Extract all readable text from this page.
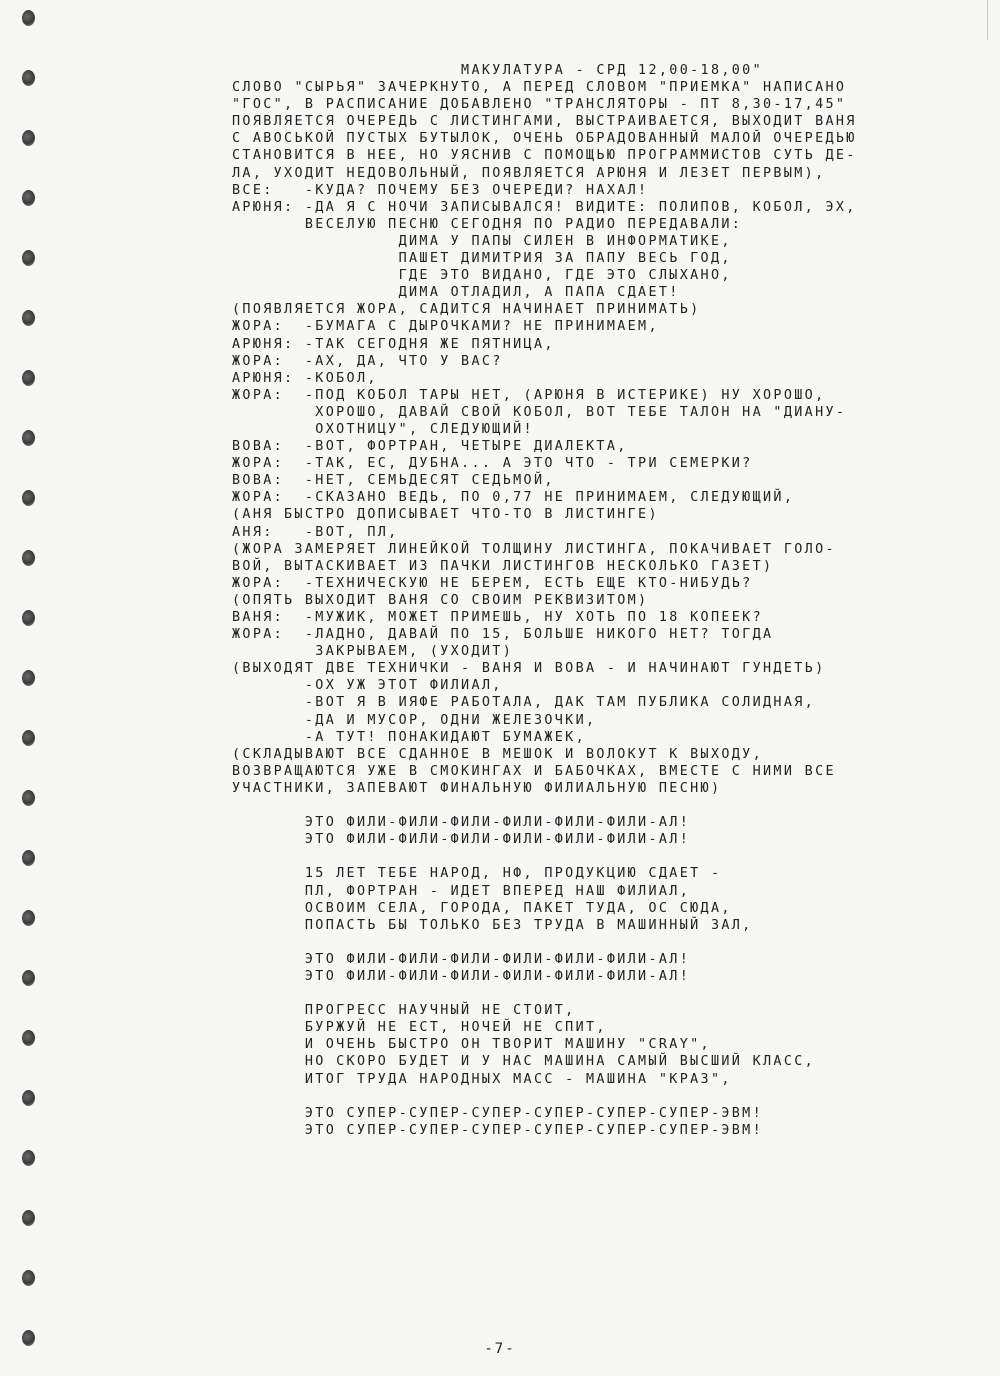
МАКУЛАТУРА - СРД 12,00-18,00"
СЛОВО "СЫРЬЯ" ЗАЧЕРКНУТО, А ПЕРЕД СЛОВОМ "ПРИЕМКА" НАПИСАНО
"ГОС", В РАСПИСАНИЕ ДОБАВЛЕНО "ТРАНСЛЯТОРЫ - ПТ 8,30-17,45"
ПОЯВЛЯЕТСЯ ОЧЕРЕДЬ С ЛИСТИНГАМИ, ВЫСТРАИВАЕТСЯ, ВЫХОДИТ ВАНЯ
С АВОСЬКОЙ ПУСТЫХ БУТЫЛОК, ОЧЕНЬ ОБРАДОВАННЫЙ МАЛОЙ ОЧЕРЕДЬЮ
СТАНОВИТСЯ В НЕЕ, НО УЯСНИВ С ПОМОЩЬЮ ПРОГРАММИСТОВ СУТЬ ДЕ-
ЛА, УХОДИТ НЕДОВОЛЬНЫЙ, ПОЯВЛЯЕТСЯ АРЮНЯ И ЛЕЗЕТ ПЕРВЫМ),
ВСЕ:   -КУДА? ПОЧЕМУ БЕЗ ОЧЕРЕДИ? НАХАЛ!
АРЮНЯ: -ДА Я С НОЧИ ЗАПИСЫВАЛСЯ! ВИДИТЕ: ПОЛИПОВ, КОБОЛ, ЭХ,
ВЕСЕЛУЮ ПЕСНЮ СЕГОДНЯ ПО РАДИО ПЕРЕДАВАЛИ:
ДИМА У ПАПЫ СИЛЕН В ИНФОРМАТИКЕ,
ПАШЕТ ДИМИТРИЯ ЗА ПАПУ ВЕСЬ ГОД,
ГДЕ ЭТО ВИДАНО, ГДЕ ЭТО СЛЫХАНО,
ДИМА ОТЛАДИЛ, А ПАПА СДАЕТ!
(ПОЯВЛЯЕТСЯ ЖОРА, САДИТСЯ НАЧИНАЕТ ПРИНИМАТЬ)
ЖОРА:  -БУМАГА С ДЫРОЧКАМИ? НЕ ПРИНИМАЕМ,
АРЮНЯ: -ТАК СЕГОДНЯ ЖЕ ПЯТНИЦА,
ЖОРА:  -АХ, ДА, ЧТО У ВАС?
АРЮНЯ: -КОБОЛ,
ЖОРА:  -ПОД КОБОЛ ТАРЫ НЕТ, (АРЮНЯ В ИСТЕРИКЕ) НУ ХОРОШО,
ХОРОШО, ДАВАЙ СВОЙ КОБОЛ, ВОТ ТЕБЕ ТАЛОН НА "ДИАНУ-
ОХОТНИЦУ", СЛЕДУЮЩИЙ!
ВОВА:  -ВОТ, ФОРТРАН, ЧЕТЫРЕ ДИАЛЕКТА,
ЖОРА:  -ТАК, ЕС, ДУБНА... А ЭТО ЧТО - ТРИ СЕМЕРКИ?
ВОВА:  -НЕТ, СЕМЬДЕСЯТ СЕДЬМОЙ,
ЖОРА:  -СКАЗАНО ВЕДЬ, ПО 0,77 НЕ ПРИНИМАЕМ, СЛЕДУЮЩИЙ,
(АНЯ БЫСТРО ДОПИСЫВАЕТ ЧТО-ТО В ЛИСТИНГЕ)
АНЯ:   -ВОТ, ПЛ,
(ЖОРА ЗАМЕРЯЕТ ЛИНЕЙКОЙ ТОЛЩИНУ ЛИСТИНГА, ПОКАЧИВАЕТ ГОЛО-
ВОЙ, ВЫТАСКИВАЕТ ИЗ ПАЧКИ ЛИСТИНГОВ НЕСКОЛЬКО ГАЗЕТ)
ЖОРА:  -ТЕХНИЧЕСКУЮ НЕ БЕРЕМ, ЕСТЬ ЕЩЕ КТО-НИБУДЬ?
(ОПЯТЬ ВЫХОДИТ ВАНЯ СО СВОИМ РЕКВИЗИТОМ)
ВАНЯ:  -МУЖИК, МОЖЕТ ПРИМЕШЬ, НУ ХОТЬ ПО 18 КОПЕЕК?
ЖОРА:  -ЛАДНО, ДАВАЙ ПО 15, БОЛЬШЕ НИКОГО НЕТ? ТОГДА
ЗАКРЫВАЕМ, (УХОДИТ)
(ВЫХОДЯТ ДВЕ ТЕХНИЧКИ - ВАНЯ И ВОВА - И НАЧИНАЮТ ГУНДЕТЬ)
-ОХ УЖ ЭТОТ ФИЛИАЛ,
-ВОТ Я В ИЯФЕ РАБОТАЛА, ДАК ТАМ ПУБЛИКА СОЛИДНАЯ,
-ДА И МУСОР, ОДНИ ЖЕЛЕЗОЧКИ,
-А ТУТ! ПОНАКИДАЮТ БУМАЖЕК,
(СКЛАДЫВАЮТ ВСЕ СДАННОЕ В МЕШОК И ВОЛОКУТ К ВЫХОДУ,
ВОЗВРАЩАЮТСЯ УЖЕ В СМОКИНГАХ И БАБОЧКАХ, ВМЕСТЕ С НИМИ ВСЕ
УЧАСТНИКИ, ЗАПЕВАЮТ ФИНАЛЬНУЮ ФИЛИАЛЬНУЮ ПЕСНЮ)
ЭТО ФИЛИ-ФИЛИ-ФИЛИ-ФИЛИ-ФИЛИ-ФИЛИ-АЛ!
ЭТО ФИЛИ-ФИЛИ-ФИЛИ-ФИЛИ-ФИЛИ-ФИЛИ-АЛ!
15 ЛЕТ ТЕБЕ НАРОД, НФ, ПРОДУКЦИЮ СДАЕТ -
ПЛ, ФОРТРАН - ИДЕТ ВПЕРЕД НАШ ФИЛИАЛ,
ОСВОИМ СЕЛА, ГОРОДА, ПАКЕТ ТУДА, ОС СЮДА,
ПОПАСТЬ БЫ ТОЛЬКО БЕЗ ТРУДА В МАШИННЫЙ ЗАЛ,
ЭТО ФИЛИ-ФИЛИ-ФИЛИ-ФИЛИ-ФИЛИ-ФИЛИ-АЛ!
ЭТО ФИЛИ-ФИЛИ-ФИЛИ-ФИЛИ-ФИЛИ-ФИЛИ-АЛ!
ПРОГРЕСС НАУЧНЫЙ НЕ СТОИТ,
БУРЖУЙ НЕ ЕСТ, НОЧЕЙ НЕ СПИТ,
И ОЧЕНЬ БЫСТРО ОН ТВОРИТ МАШИНУ "CRAY",
НО СКОРО БУДЕТ И У НАС МАШИНА САМЫЙ ВЫСШИЙ КЛАСС,
ИТОГ ТРУДА НАРОДНЫХ МАСС - МАШИНА "КРАЗ",
ЭТО СУПЕР-СУПЕР-СУПЕР-СУПЕР-СУПЕР-СУПЕР-ЭВМ!
ЭТО СУПЕР-СУПЕР-СУПЕР-СУПЕР-СУПЕР-СУПЕР-ЭВМ!
-7-
